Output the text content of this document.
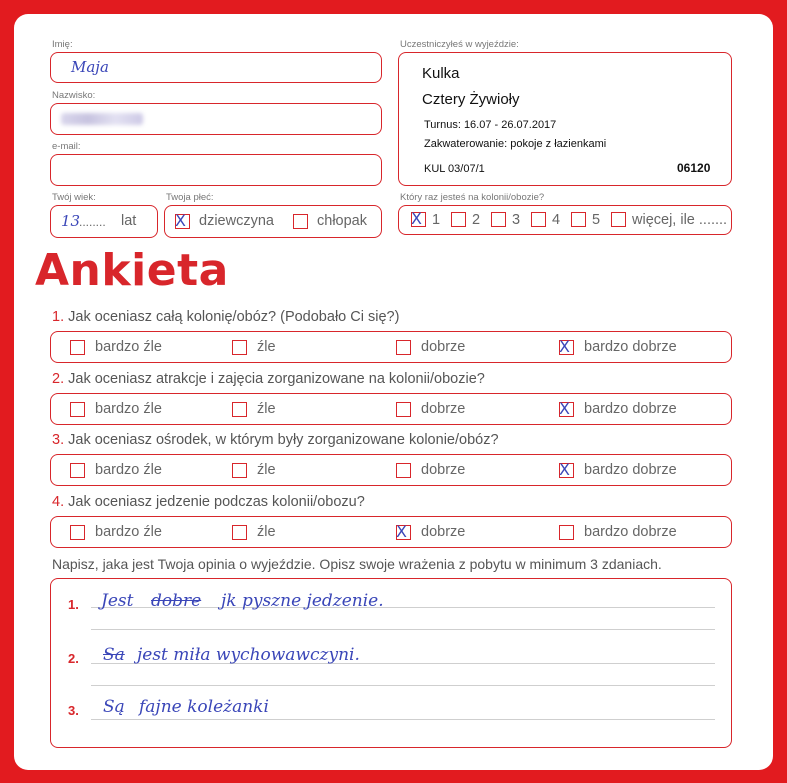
Imię:
Maja
Nazwisko:
e-mail:
Twój wiek:
13
........ lat
Twoja płeć:
X dziewczyna	chłopak
Uczestniczyłeś w wyjeździe:
Kulka
Cztery Żywioły
Turnus: 16.07 - 26.07.2017
Zakwaterowanie: pokoje z łazienkami
KUL 03/07/1	06120
Który raz jesteś na kolonii/obozie?
X 1 2 3 4 5 więcej, ile .......
Ankieta
1. Jak oceniasz całą kolonię/obóz? (Podobało Ci się?)
bardzo źle	źle	dobrze	X bardzo dobrze
2. Jak oceniasz atrakcje i zajęcia zorganizowane na kolonii/obozie?
bardzo źle	źle	dobrze	X bardzo dobrze
3. Jak oceniasz ośrodek, w którym były zorganizowane kolonie/obóz?
bardzo źle	źle	dobrze	X bardzo dobrze
4. Jak oceniasz jedzenie podczas kolonii/obozu?
bardzo źle	źle	X dobrze	bardzo dobrze
Napisz, jaka jest Twoja opinia o wyjeździe. Opisz swoje wrażenia z pobytu w minimum 3 zdaniach.
1. Jest dobre jk pyszne jedzenie.
2. Sa jest miła wychowawczyni.
3. Są fajne koleżanki
